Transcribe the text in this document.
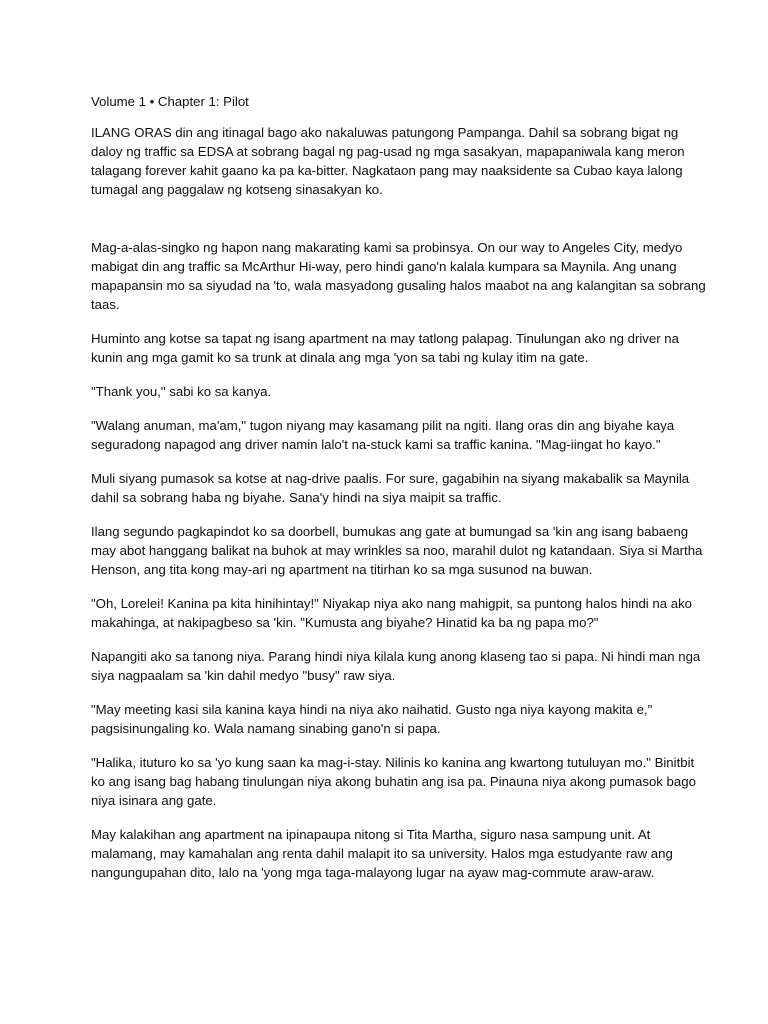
Volume 1 • Chapter 1: Pilot

ILANG ORAS din ang itinagal bago ako nakaluwas patungong Pampanga. Dahil sa sobrang bigat ng daloy ng traffic sa EDSA at sobrang bagal ng pag-usad ng mga sasakyan, mapapaniwala kang meron talagang forever kahit gaano ka pa ka-bitter. Nagkataon pang may naaksidente sa Cubao kaya lalong tumagal ang paggalaw ng kotseng sinasakyan ko.

Mag-a-alas-singko ng hapon nang makarating kami sa probinsya. On our way to Angeles City, medyo mabigat din ang traffic sa McArthur Hi-way, pero hindi gano'n kalala kumpara sa Maynila. Ang unang mapapansin mo sa siyudad na 'to, wala masyadong gusaling halos maabot na ang kalangitan sa sobrang taas.

Huminto ang kotse sa tapat ng isang apartment na may tatlong palapag. Tinulungan ako ng driver na kunin ang mga gamit ko sa trunk at dinala ang mga 'yon sa tabi ng kulay itim na gate.

"Thank you," sabi ko sa kanya.

"Walang anuman, ma'am," tugon niyang may kasamang pilit na ngiti. Ilang oras din ang biyahe kaya seguradong napagod ang driver namin lalo't na-stuck kami sa traffic kanina. "Mag-iingat ho kayo."

Muli siyang pumasok sa kotse at nag-drive paalis. For sure, gagabihin na siyang makabalik sa Maynila dahil sa sobrang haba ng biyahe. Sana'y hindi na siya maipit sa traffic.

Ilang segundo pagkapindot ko sa doorbell, bumukas ang gate at bumungad sa 'kin ang isang babaeng may abot hanggang balikat na buhok at may wrinkles sa noo, marahil dulot ng katandaan. Siya si Martha Henson, ang tita kong may-ari ng apartment na titirhan ko sa mga susunod na buwan.

"Oh, Lorelei! Kanina pa kita hinihintay!" Niyakap niya ako nang mahigpit, sa puntong halos hindi na ako makahinga, at nakipagbeso sa 'kin. "Kumusta ang biyahe? Hinatid ka ba ng papa mo?"

Napangiti ako sa tanong niya. Parang hindi niya kilala kung anong klaseng tao si papa. Ni hindi man nga siya nagpaalam sa 'kin dahil medyo "busy" raw siya.

"May meeting kasi sila kanina kaya hindi na niya ako naihatid. Gusto nga niya kayong makita e," pagsisinungaling ko. Wala namang sinabing gano'n si papa.

"Halika, ituturo ko sa 'yo kung saan ka mag-i-stay. Nilinis ko kanina ang kwartong tutuluyan mo." Binitbit ko ang isang bag habang tinulungan niya akong buhatin ang isa pa. Pinauna niya akong pumasok bago niya isinara ang gate.

May kalakihan ang apartment na ipinapaupa nitong si Tita Martha, siguro nasa sampung unit. At malamang, may kamahalan ang renta dahil malapit ito sa university. Halos mga estudyante raw ang nangungupahan dito, lalo na 'yong mga taga-malayong lugar na ayaw mag-commute araw-araw.
